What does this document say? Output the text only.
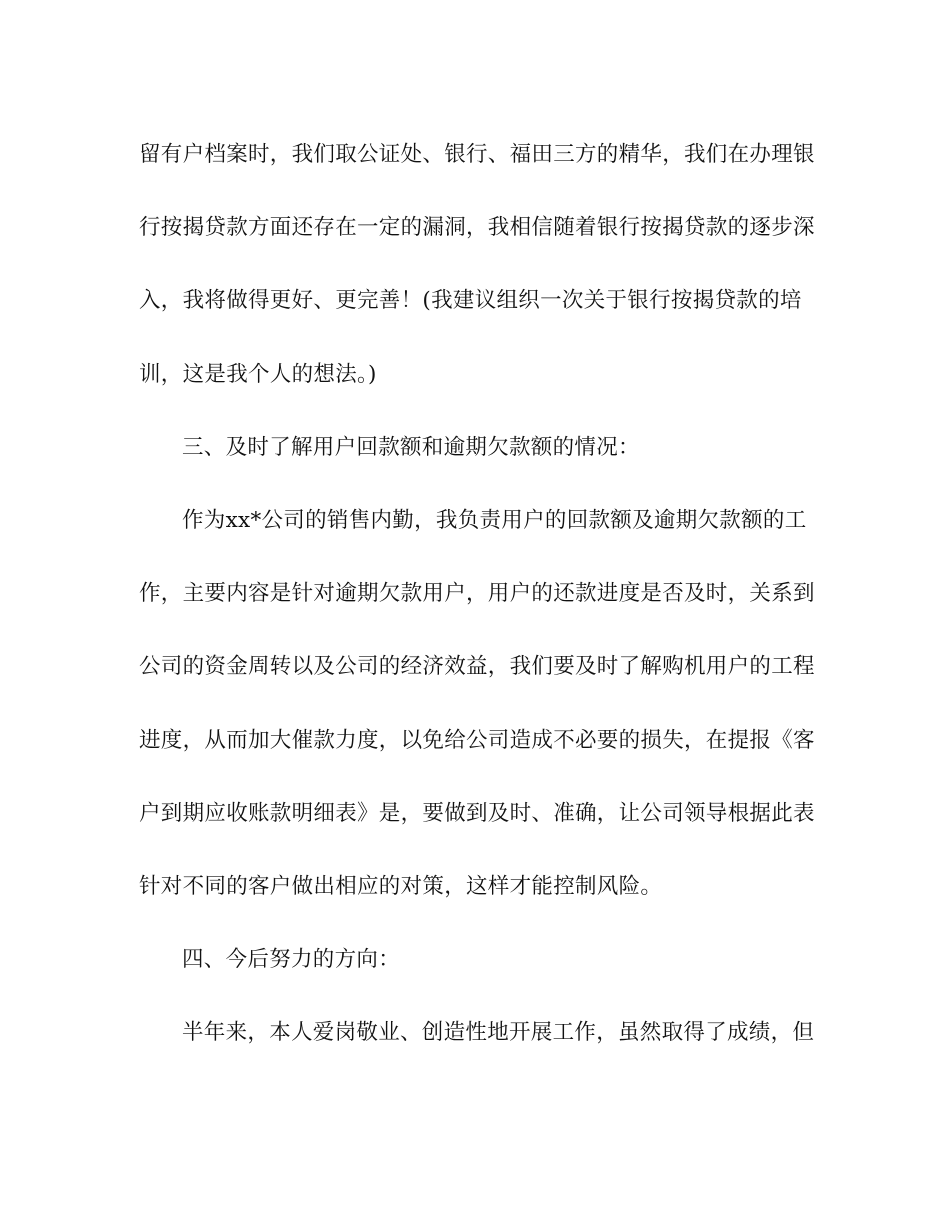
留有户档案时，我们取公证处、银行、福田三方的精华，我们在办理银
行按揭贷款方面还存在一定的漏洞，我相信随着银行按揭贷款的逐步深
入，我将做得更好、更完善！(我建议组织一次关于银行按揭贷款的培
训，这是我个人的想法。)
三、及时了解用户回款额和逾期欠款额的情况：
作为xx*公司的销售内勤，我负责用户的回款额及逾期欠款额的工
作，主要内容是针对逾期欠款用户，用户的还款进度是否及时，关系到
公司的资金周转以及公司的经济效益，我们要及时了解购机用户的工程
进度，从而加大催款力度，以免给公司造成不必要的损失，在提报《客
户到期应收账款明细表》是，要做到及时、准确，让公司领导根据此表
针对不同的客户做出相应的对策，这样才能控制风险。
四、今后努力的方向：
半年来，本人爱岗敬业、创造性地开展工作，虽然取得了成绩，但
